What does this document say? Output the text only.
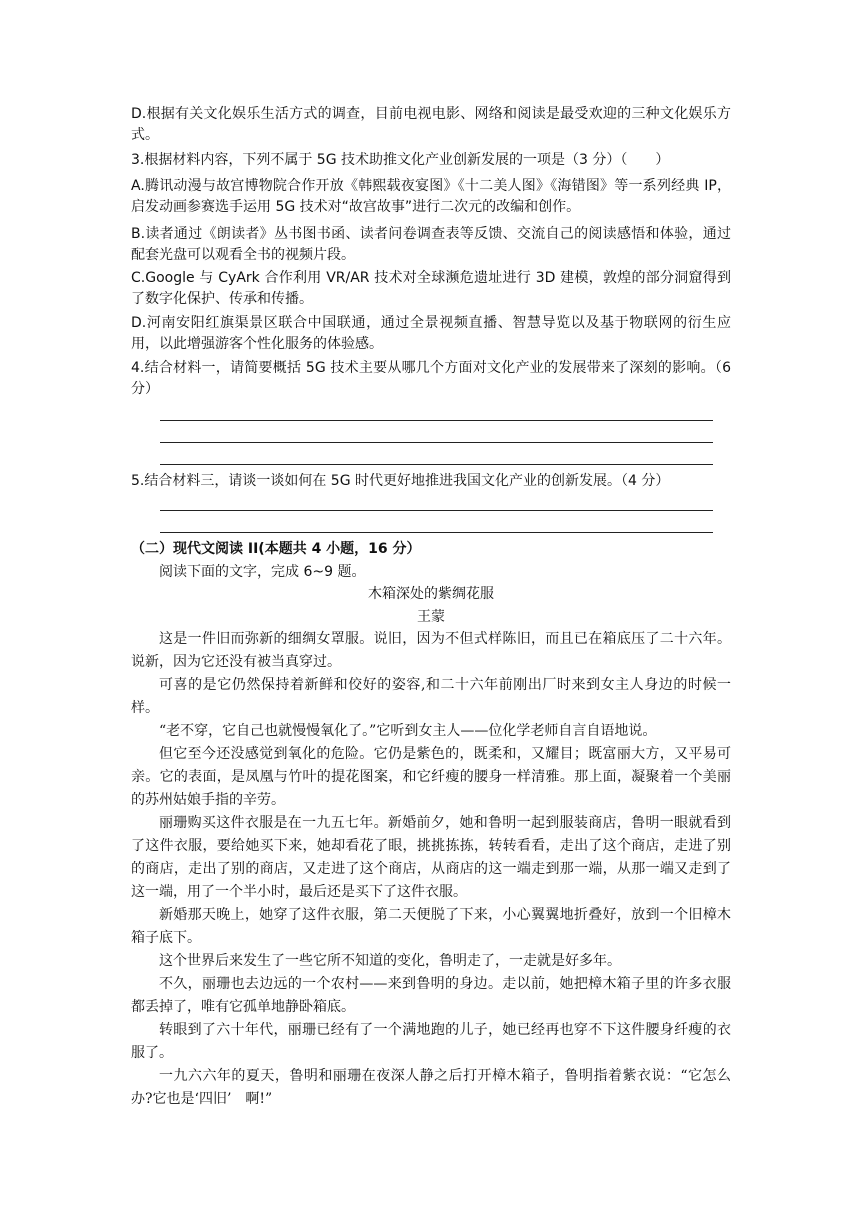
D.根据有关文化娱乐生活方式的调查，目前电视电影、网络和阅读是最受欢迎的三种文化娱乐方式。
3.根据材料内容，下列不属于 5G 技术助推文化产业创新发展的一项是（3 分）（　　）
A.腾讯动漫与故宫博物院合作开放《韩熙载夜宴图》《十二美人图》《海错图》等一系列经典 IP，启发动画参赛选手运用 5G 技术对“故宫故事”进行二次元的改编和创作。
B.读者通过《朗读者》丛书图书函、读者问卷调查表等反馈、交流自己的阅读感悟和体验，通过配套光盘可以观看全书的视频片段。
C.Google 与 CyArk 合作利用 VR/AR 技术对全球濒危遗址进行 3D 建模，敦煌的部分洞窟得到了数字化保护、传承和传播。
D.河南安阳红旗渠景区联合中国联通，通过全景视频直播、智慧导览以及基于物联网的衍生应用，以此增强游客个性化服务的体验感。
4.结合材料一，请简要概括 5G 技术主要从哪几个方面对文化产业的发展带来了深刻的影响。（6 分）
5.结合材料三，请谈一谈如何在 5G 时代更好地推进我国文化产业的创新发展。（4 分）
（二）现代文阅读 II(本题共 4 小题，16 分）
阅读下面的文字，完成 6~9 题。
木箱深处的紫绸花服
王蒙
这是一件旧而弥新的细绸女罩服。说旧，因为不但式样陈旧，而且已在箱底压了二十六年。说新，因为它还没有被当真穿过。
可喜的是它仍然保持着新鲜和佼好的姿容,和二十六年前刚出厂时来到女主人身边的时候一样。
“老不穿，它自己也就慢慢氧化了。”它听到女主人——位化学老师自言自语地说。
但它至今还没感觉到氧化的危险。它仍是紫色的，既柔和，又耀目；既富丽大方，又平易可亲。它的表面，是凤凰与竹叶的提花图案，和它纤瘦的腰身一样清雅。那上面，凝聚着一个美丽的苏州姑娘手指的辛劳。
丽珊购买这件衣服是在一九五七年。新婚前夕，她和鲁明一起到服装商店，鲁明一眼就看到了这件衣服，要给她买下来，她却看花了眼，挑挑拣拣，转转看看，走出了这个商店，走进了别的商店，走出了别的商店，又走进了这个商店，从商店的这一端走到那一端，从那一端又走到了这一端，用了一个半小时，最后还是买下了这件衣服。
新婚那天晚上，她穿了这件衣服，第二天便脱了下来，小心翼翼地折叠好，放到一个旧樟木箱子底下。
这个世界后来发生了一些它所不知道的变化，鲁明走了，一走就是好多年。
不久，丽珊也去边远的一个农村——来到鲁明的身边。走以前，她把樟木箱子里的许多衣服都丢掉了，唯有它孤单地静卧箱底。
转眼到了六十年代，丽珊已经有了一个满地跑的儿子，她已经再也穿不下这件腰身纤瘦的衣服了。
一九六六年的夏天，鲁明和丽珊在夜深人静之后打开樟木箱子，鲁明指着紫衣说：“它怎么办?它也是‘四旧’　啊!”
